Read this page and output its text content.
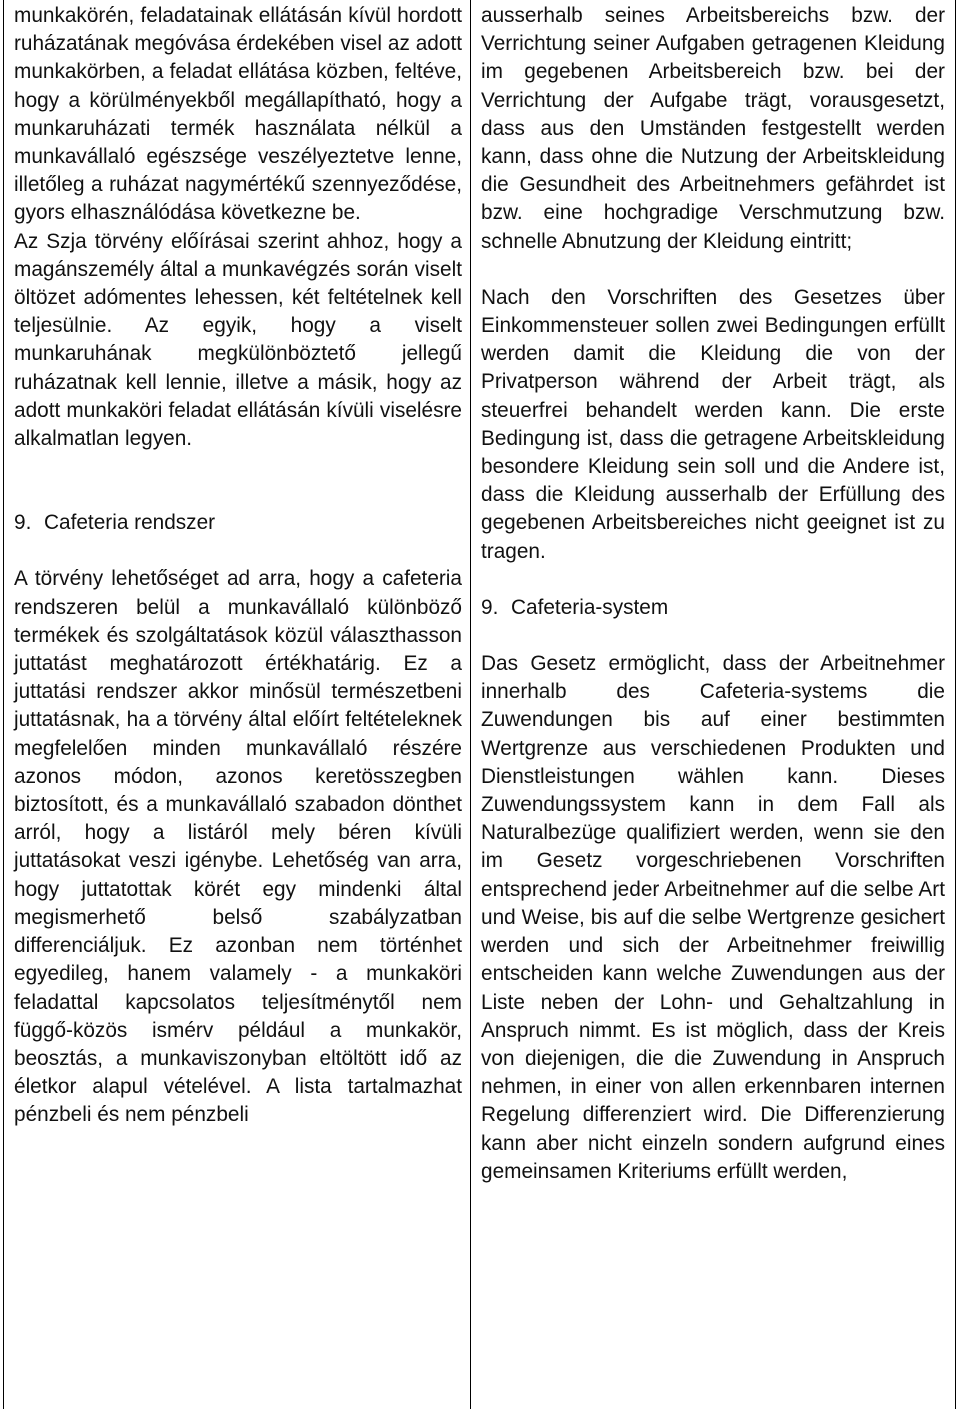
munkakörén, feladatainak ellátásán kívül hordott ruházatának megóvása érdekében visel az adott munkakörben, a feladat ellátása közben, feltéve, hogy a körülményekből megállapítható, hogy a munkaruházati termék használata nélkül a munkavállaló egészsége veszélyeztetve lenne, illetőleg a ruházat nagymértékű szennyeződése, gyors elhasználódása következne be.

Az Szja törvény előírásai szerint ahhoz, hogy a magánszemély által a munkavégzés során viselt öltözet adómentes lehessen, két feltételnek kell teljesülnie. Az egyik, hogy a viselt munkaruhának megkülönböztető jellegű ruházatnak kell lennie, illetve a másik, hogy az adott munkaköri feladat ellátásán kívüli viselésre alkalmatlan legyen.

9. Cafeteria rendszer

A törvény lehetőséget ad arra, hogy a cafeteria rendszeren belül a munkavállaló különböző termékek és szolgáltatások közül választhasson juttatást meghatározott értékhatárig. Ez a juttatási rendszer akkor minősül természetbeni juttatásnak, ha a törvény által előírt feltételeknek megfelelően minden munkavállaló részére azonos módon, azonos keretösszegben biztosított, és a munkavállaló szabadon dönthet arról, hogy a listáról mely béren kívüli juttatásokat veszi igénybe. Lehetőség van arra, hogy juttatottak körét egy mindenki által megismerhető belső szabályzatban differenciáljuk. Ez azonban nem történhet egyedileg, hanem valamely - a munkaköri feladattal kapcsolatos teljesítménytől nem függő-közös ismérv például a munkakör, beosztás, a munkaviszonyban eltöltött idő az életkor alapul vételével. A lista tartalmazhat pénzbeli és nem pénzbeli

ausserhalb seines Arbeitsbereichs bzw. der Verrichtung seiner Aufgaben getragenen Kleidung im gegebenen Arbeitsbereich bzw. bei der Verrichtung der Aufgabe trägt, vorausgesetzt, dass aus den Umständen festgestellt werden kann, dass ohne die Nutzung der Arbeitskleidung die Gesundheit des Arbeitnehmers gefährdet ist bzw. eine hochgradige Verschmutzung bzw. schnelle Abnutzung der Kleidung eintritt;

Nach den Vorschriften des Gesetzes über Einkommensteuer sollen zwei Bedingungen erfüllt werden damit die Kleidung die von der Privatperson während der Arbeit trägt, als steuerfrei behandelt werden kann. Die erste Bedingung ist, dass die getragene Arbeitskleidung besondere Kleidung sein soll und die Andere ist, dass die Kleidung ausserhalb der Erfüllung des gegebenen Arbeitsbereiches nicht geeignet ist zu tragen.

9. Cafeteria-system

Das Gesetz ermöglicht, dass der Arbeitnehmer innerhalb des Cafeteria-systems die Zuwendungen bis auf einer bestimmten Wertgrenze aus verschiedenen Produkten und Dienstleistungen wählen kann. Dieses Zuwendungssystem kann in dem Fall als Naturalbezüge qualifiziert werden, wenn sie den im Gesetz vorgeschriebenen Vorschriften entsprechend jeder Arbeitnehmer auf die selbe Art und Weise, bis auf die selbe Wertgrenze gesichert werden und sich der Arbeitnehmer freiwillig entscheiden kann welche Zuwendungen aus der Liste neben der Lohn- und Gehaltzahlung in Anspruch nimmt. Es ist möglich, dass der Kreis von diejenigen, die die Zuwendung in Anspruch nehmen, in einer von allen erkennbaren internen Regelung differenziert wird. Die Differenzierung kann aber nicht einzeln sondern aufgrund eines gemeinsamen Kriteriums erfüllt werden,
